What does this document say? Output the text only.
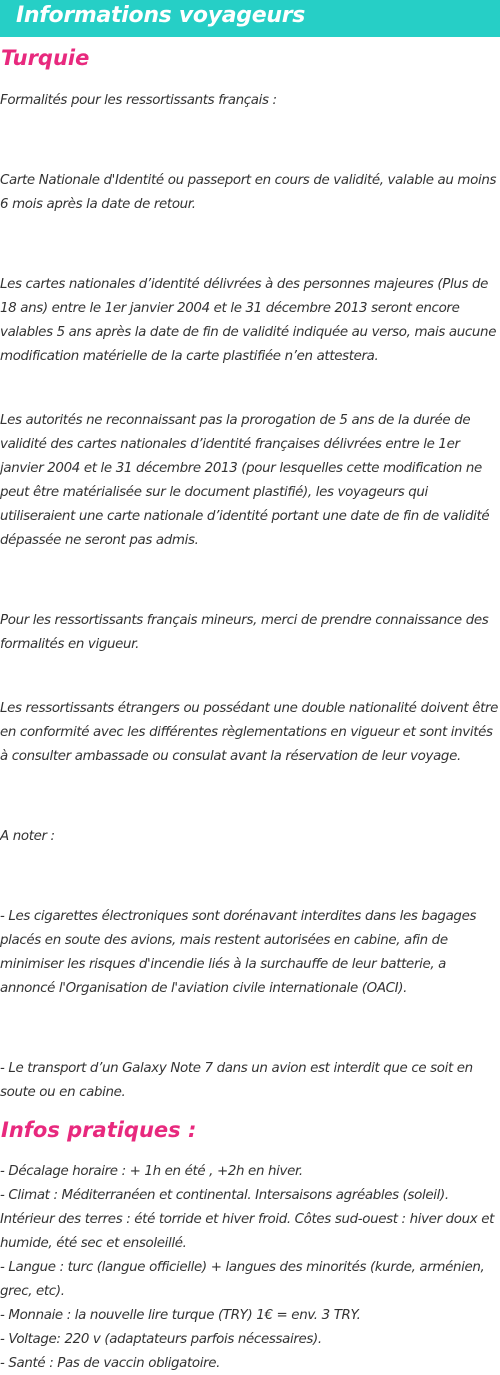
Informations voyageurs
Turquie

Formalités pour les ressortissants français :

Carte Nationale d'Identité ou passeport en cours de validité, valable au moins 6 mois après la date de retour.

Les cartes nationales d’identité délivrées à des personnes majeures (Plus de 18 ans) entre le 1er janvier 2004 et le 31 décembre 2013 seront encore valables 5 ans après la date de fin de validité indiquée au verso, mais aucune modification matérielle de la carte plastifiée n’en attestera.

Les autorités ne reconnaissant pas la prorogation de 5 ans de la durée de validité des cartes nationales d’identité françaises délivrées entre le 1er janvier 2004 et le 31 décembre 2013 (pour lesquelles cette modification ne peut être matérialisée sur le document plastifié), les voyageurs qui utiliseraient une carte nationale d’identité portant une date de fin de validité dépassée ne seront pas admis.

Pour les ressortissants français mineurs, merci de prendre connaissance des formalités en vigueur.

Les ressortissants étrangers ou possédant une double nationalité doivent être en conformité avec les différentes règlementations en vigueur et sont invités à consulter ambassade ou consulat avant la réservation de leur voyage.

A noter :

- Les cigarettes électroniques sont dorénavant interdites dans les bagages placés en soute des avions, mais restent autorisées en cabine, afin de minimiser les risques d'incendie liés à la surchauffe de leur batterie, a annoncé l'Organisation de l'aviation civile internationale (OACI).

- Le transport d’un Galaxy Note 7 dans un avion est interdit que ce soit en soute ou en cabine.

Infos pratiques :
- Décalage horaire : + 1h en été , +2h en hiver.
- Climat : Méditerranéen et continental. Intersaisons agréables (soleil). Intérieur des terres : été torride et hiver froid. Côtes sud-ouest : hiver doux et humide, été sec et ensoleillé.
- Langue : turc (langue officielle) + langues des minorités (kurde, arménien, grec, etc).
- Monnaie : la nouvelle lire turque (TRY) 1€ = env. 3 TRY.
- Voltage: 220 v (adaptateurs parfois nécessaires).
- Santé : Pas de vaccin obligatoire.
